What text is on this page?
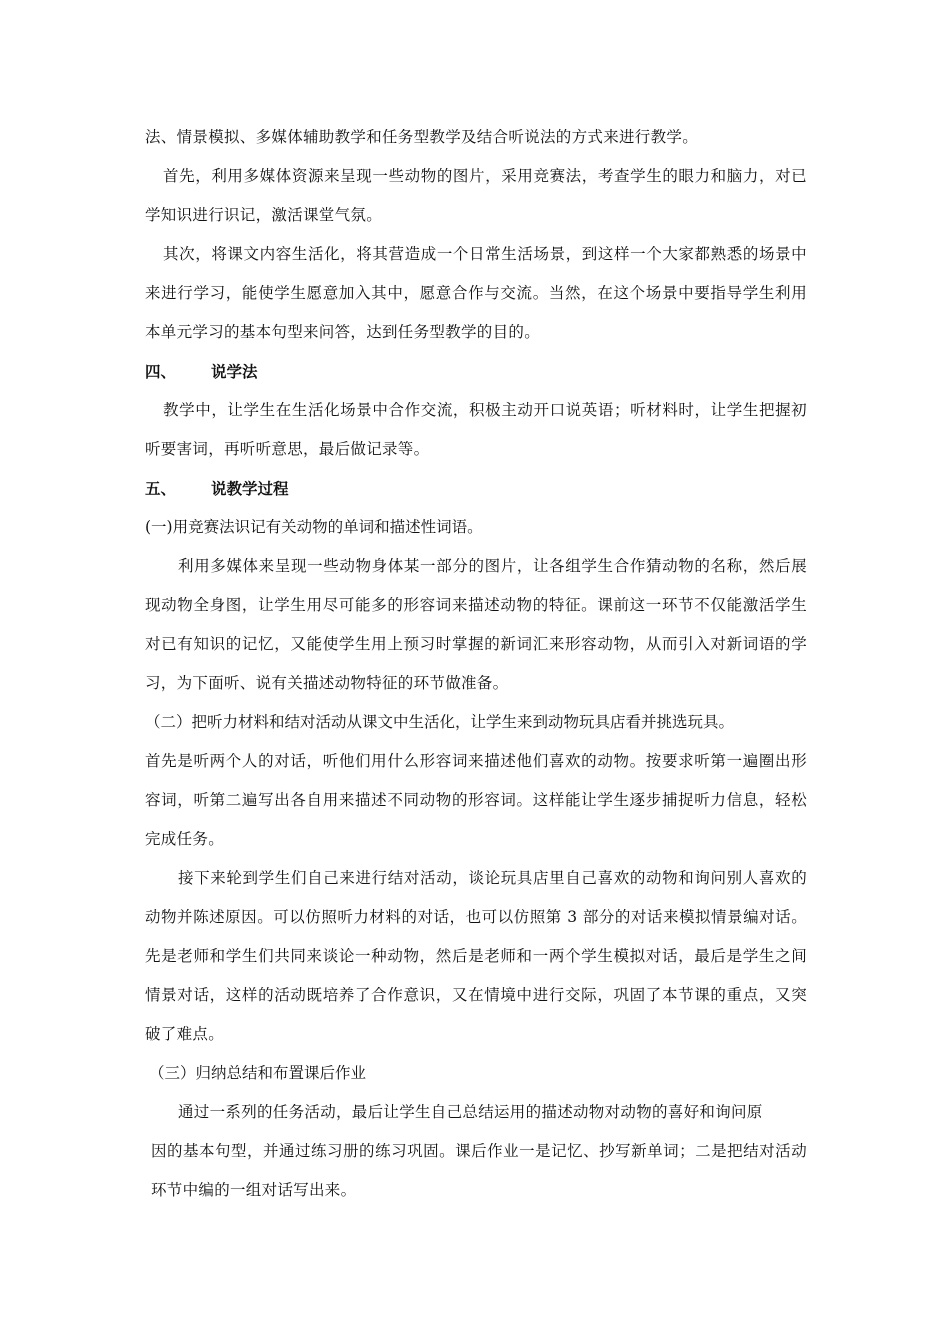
法、情景模拟、多媒体辅助教学和任务型教学及结合听说法的方式来进行教学。

首先，利用多媒体资源来呈现一些动物的图片，采用竞赛法，考查学生的眼力和脑力，对已学知识进行识记，激活课堂气氛。

其次，将课文内容生活化，将其营造成一个日常生活场景，到这样一个大家都熟悉的场景中来进行学习，能使学生愿意加入其中，愿意合作与交流。当然，在这个场景中要指导学生利用本单元学习的基本句型来问答，达到任务型教学的目的。

四、	说学法

教学中，让学生在生活化场景中合作交流，积极主动开口说英语；听材料时，让学生把握初听要害词，再听听意思，最后做记录等。

五、	说教学过程

(一)用竞赛法识记有关动物的单词和描述性词语。

利用多媒体来呈现一些动物身体某一部分的图片，让各组学生合作猜动物的名称，然后展现动物全身图，让学生用尽可能多的形容词来描述动物的特征。课前这一环节不仅能激活学生对已有知识的记忆，又能使学生用上预习时掌握的新词汇来形容动物，从而引入对新词语的学习，为下面听、说有关描述动物特征的环节做准备。

（二）把听力材料和结对活动从课文中生活化，让学生来到动物玩具店看并挑选玩具。

首先是听两个人的对话，听他们用什么形容词来描述他们喜欢的动物。按要求听第一遍圈出形容词，听第二遍写出各自用来描述不同动物的形容词。这样能让学生逐步捕捉听力信息，轻松完成任务。

接下来轮到学生们自己来进行结对活动，谈论玩具店里自己喜欢的动物和询问别人喜欢的动物并陈述原因。可以仿照听力材料的对话，也可以仿照第 3 部分的对话来模拟情景编对话。先是老师和学生们共同来谈论一种动物，然后是老师和一两个学生模拟对话，最后是学生之间情景对话，这样的活动既培养了合作意识，又在情境中进行交际，巩固了本节课的重点，又突破了难点。

（三）归纳总结和布置课后作业

通过一系列的任务活动，最后让学生自己总结运用的描述动物对动物的喜好和询问原

因的基本句型，并通过练习册的练习巩固。课后作业一是记忆、抄写新单词；二是把结对活动环节中编的一组对话写出来。
